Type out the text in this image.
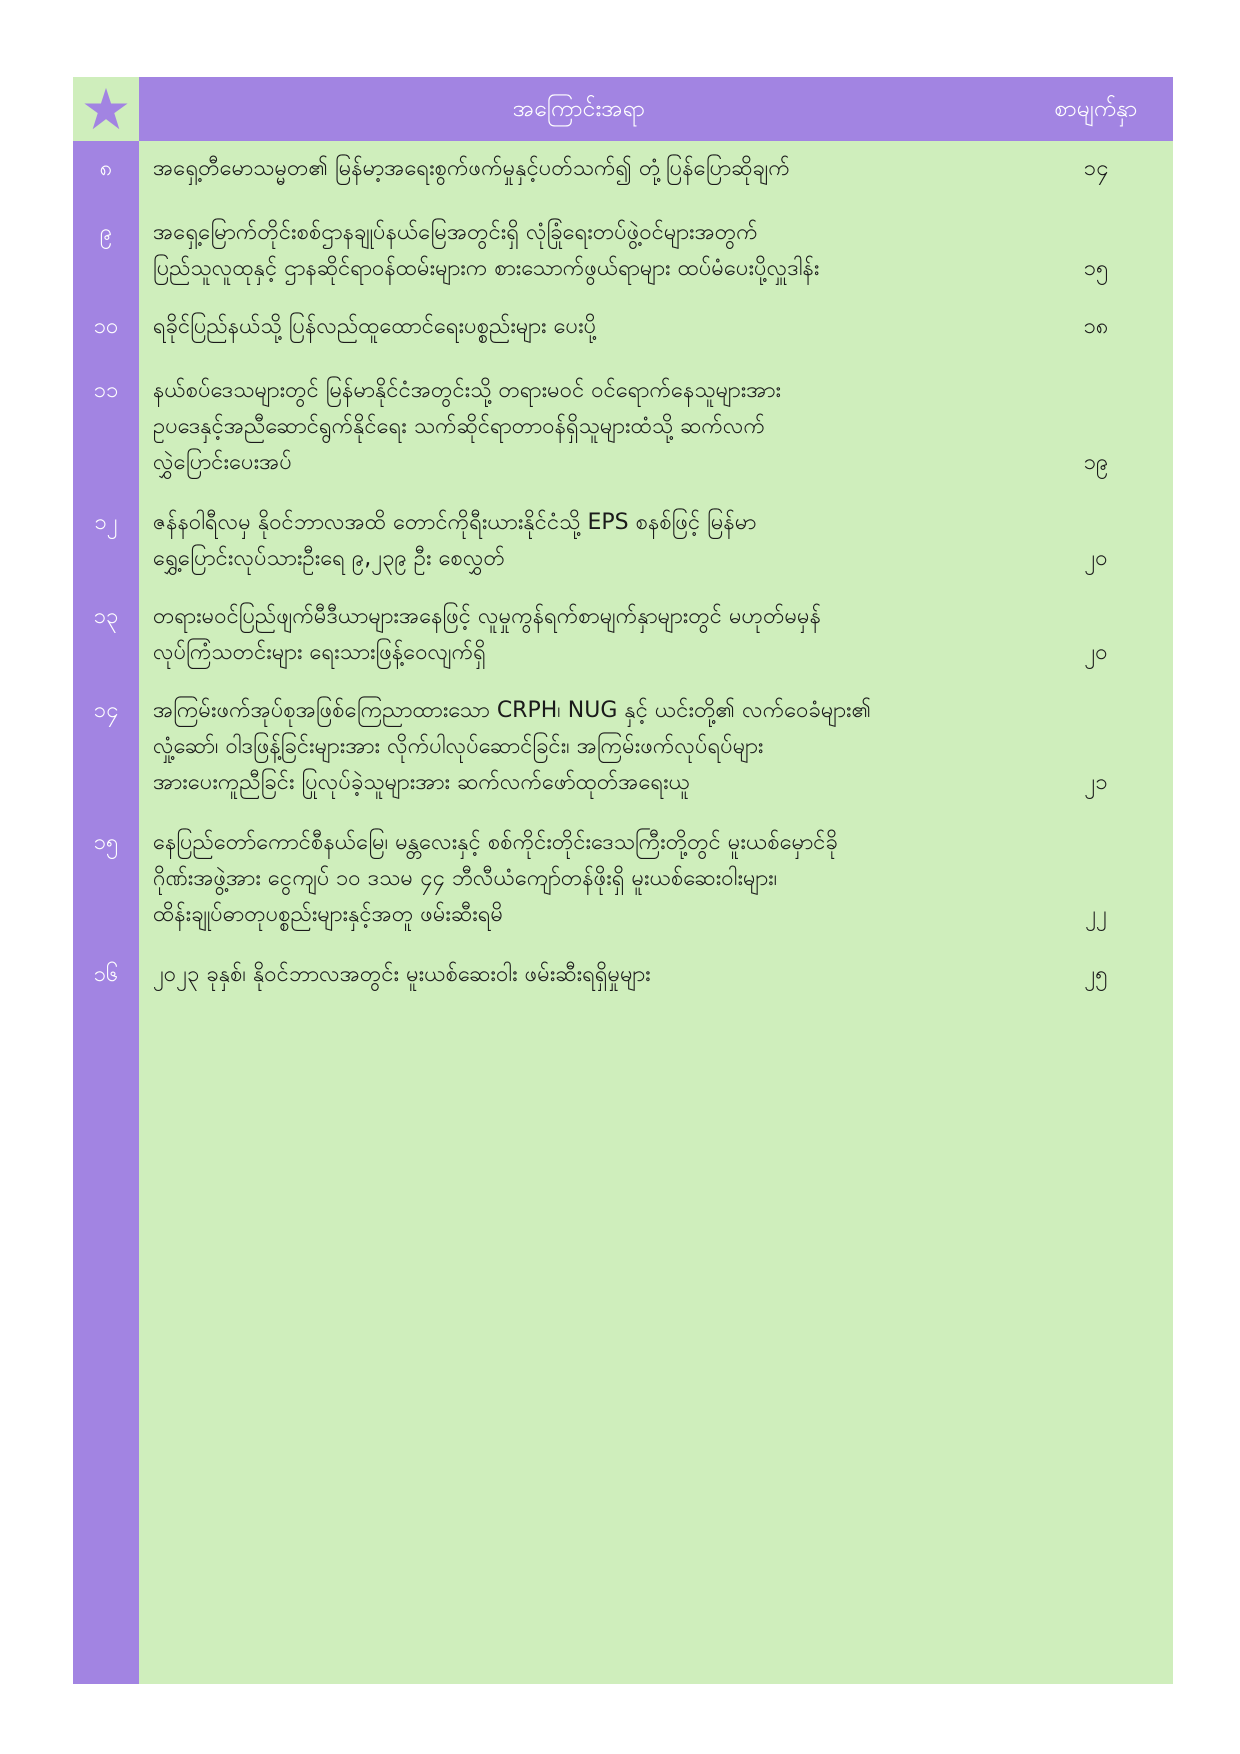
အကြောင်းအရာ	စာမျက်နှာ
၈	အရှေ့တီမောသမ္မတ၏ မြန်မာ့အရေးစွက်ဖက်မှုနှင့်ပတ်သက်၍ တုံ့ပြန်ပြောဆိုချက်	၁၄
၉	အရှေ့မြောက်တိုင်းစစ်ဌာနချုပ်နယ်မြေအတွင်းရှိ လုံခြုံရေးတပ်ဖွဲ့ဝင်များအတွက်
ပြည်သူလူထုနှင့် ဌာနဆိုင်ရာဝန်ထမ်းများက စားသောက်ဖွယ်ရာများ ထပ်မံပေးပို့လှူဒါန်း	၁၅
၁၀	ရခိုင်ပြည်နယ်သို့ ပြန်လည်ထူထောင်ရေးပစ္စည်းများ ပေးပို့	၁၈
၁၁	နယ်စပ်ဒေသများတွင် မြန်မာနိုင်ငံအတွင်းသို့ တရားမဝင် ဝင်ရောက်နေသူများအား
ဥပဒေနှင့်အညီဆောင်ရွက်နိုင်ရေး သက်ဆိုင်ရာတာဝန်ရှိသူများထံသို့ ဆက်လက်
လွှဲပြောင်းပေးအပ်	၁၉
၁၂	ဇန်နဝါရီလမှ နိုဝင်ဘာလအထိ တောင်ကိုရီးယားနိုင်ငံသို့ EPS စနစ်ဖြင့် မြန်မာ
ရွှေ့ပြောင်းလုပ်သားဦးရေ ၉,၂၃၉ ဦး စေလွှတ်	၂၀
၁၃	တရားမဝင်ပြည်ဖျက်မီဒီယာများအနေဖြင့် လူမှုကွန်ရက်စာမျက်နှာများတွင် မဟုတ်မမှန်
လုပ်ကြံသတင်းများ ရေးသားဖြန့်ဝေလျက်ရှိ	၂၀
၁၄	အကြမ်းဖက်အုပ်စုအဖြစ်ကြေညာထားသော CRPH၊ NUG နှင့် ယင်းတို့၏ လက်ဝေခံများ၏
လှုံ့ဆော်၊ ဝါဒဖြန့်ခြင်းများအား လိုက်ပါလုပ်ဆောင်ခြင်း၊ အကြမ်းဖက်လုပ်ရပ်များ
အားပေးကူညီခြင်း ပြုလုပ်ခဲ့သူများအား ဆက်လက်ဖော်ထုတ်အရေးယူ	၂၁
၁၅	နေပြည်တော်ကောင်စီနယ်မြေ၊ မန္တလေးနှင့် စစ်ကိုင်းတိုင်းဒေသကြီးတို့တွင် မူးယစ်မှောင်ခို
ဂိုဏ်းအဖွဲ့အား ငွေကျပ် ၁၀ ဒသမ ၄၄ ဘီလီယံကျော်တန်ဖိုးရှိ မူးယစ်ဆေးဝါးများ၊
ထိန်းချုပ်ဓာတုပစ္စည်းများနှင့်အတူ ဖမ်းဆီးရမိ	၂၂
၁၆	၂၀၂၃ ခုနှစ်၊ နိုဝင်ဘာလအတွင်း မူးယစ်ဆေးဝါး ဖမ်းဆီးရရှိမှုများ	၂၅
